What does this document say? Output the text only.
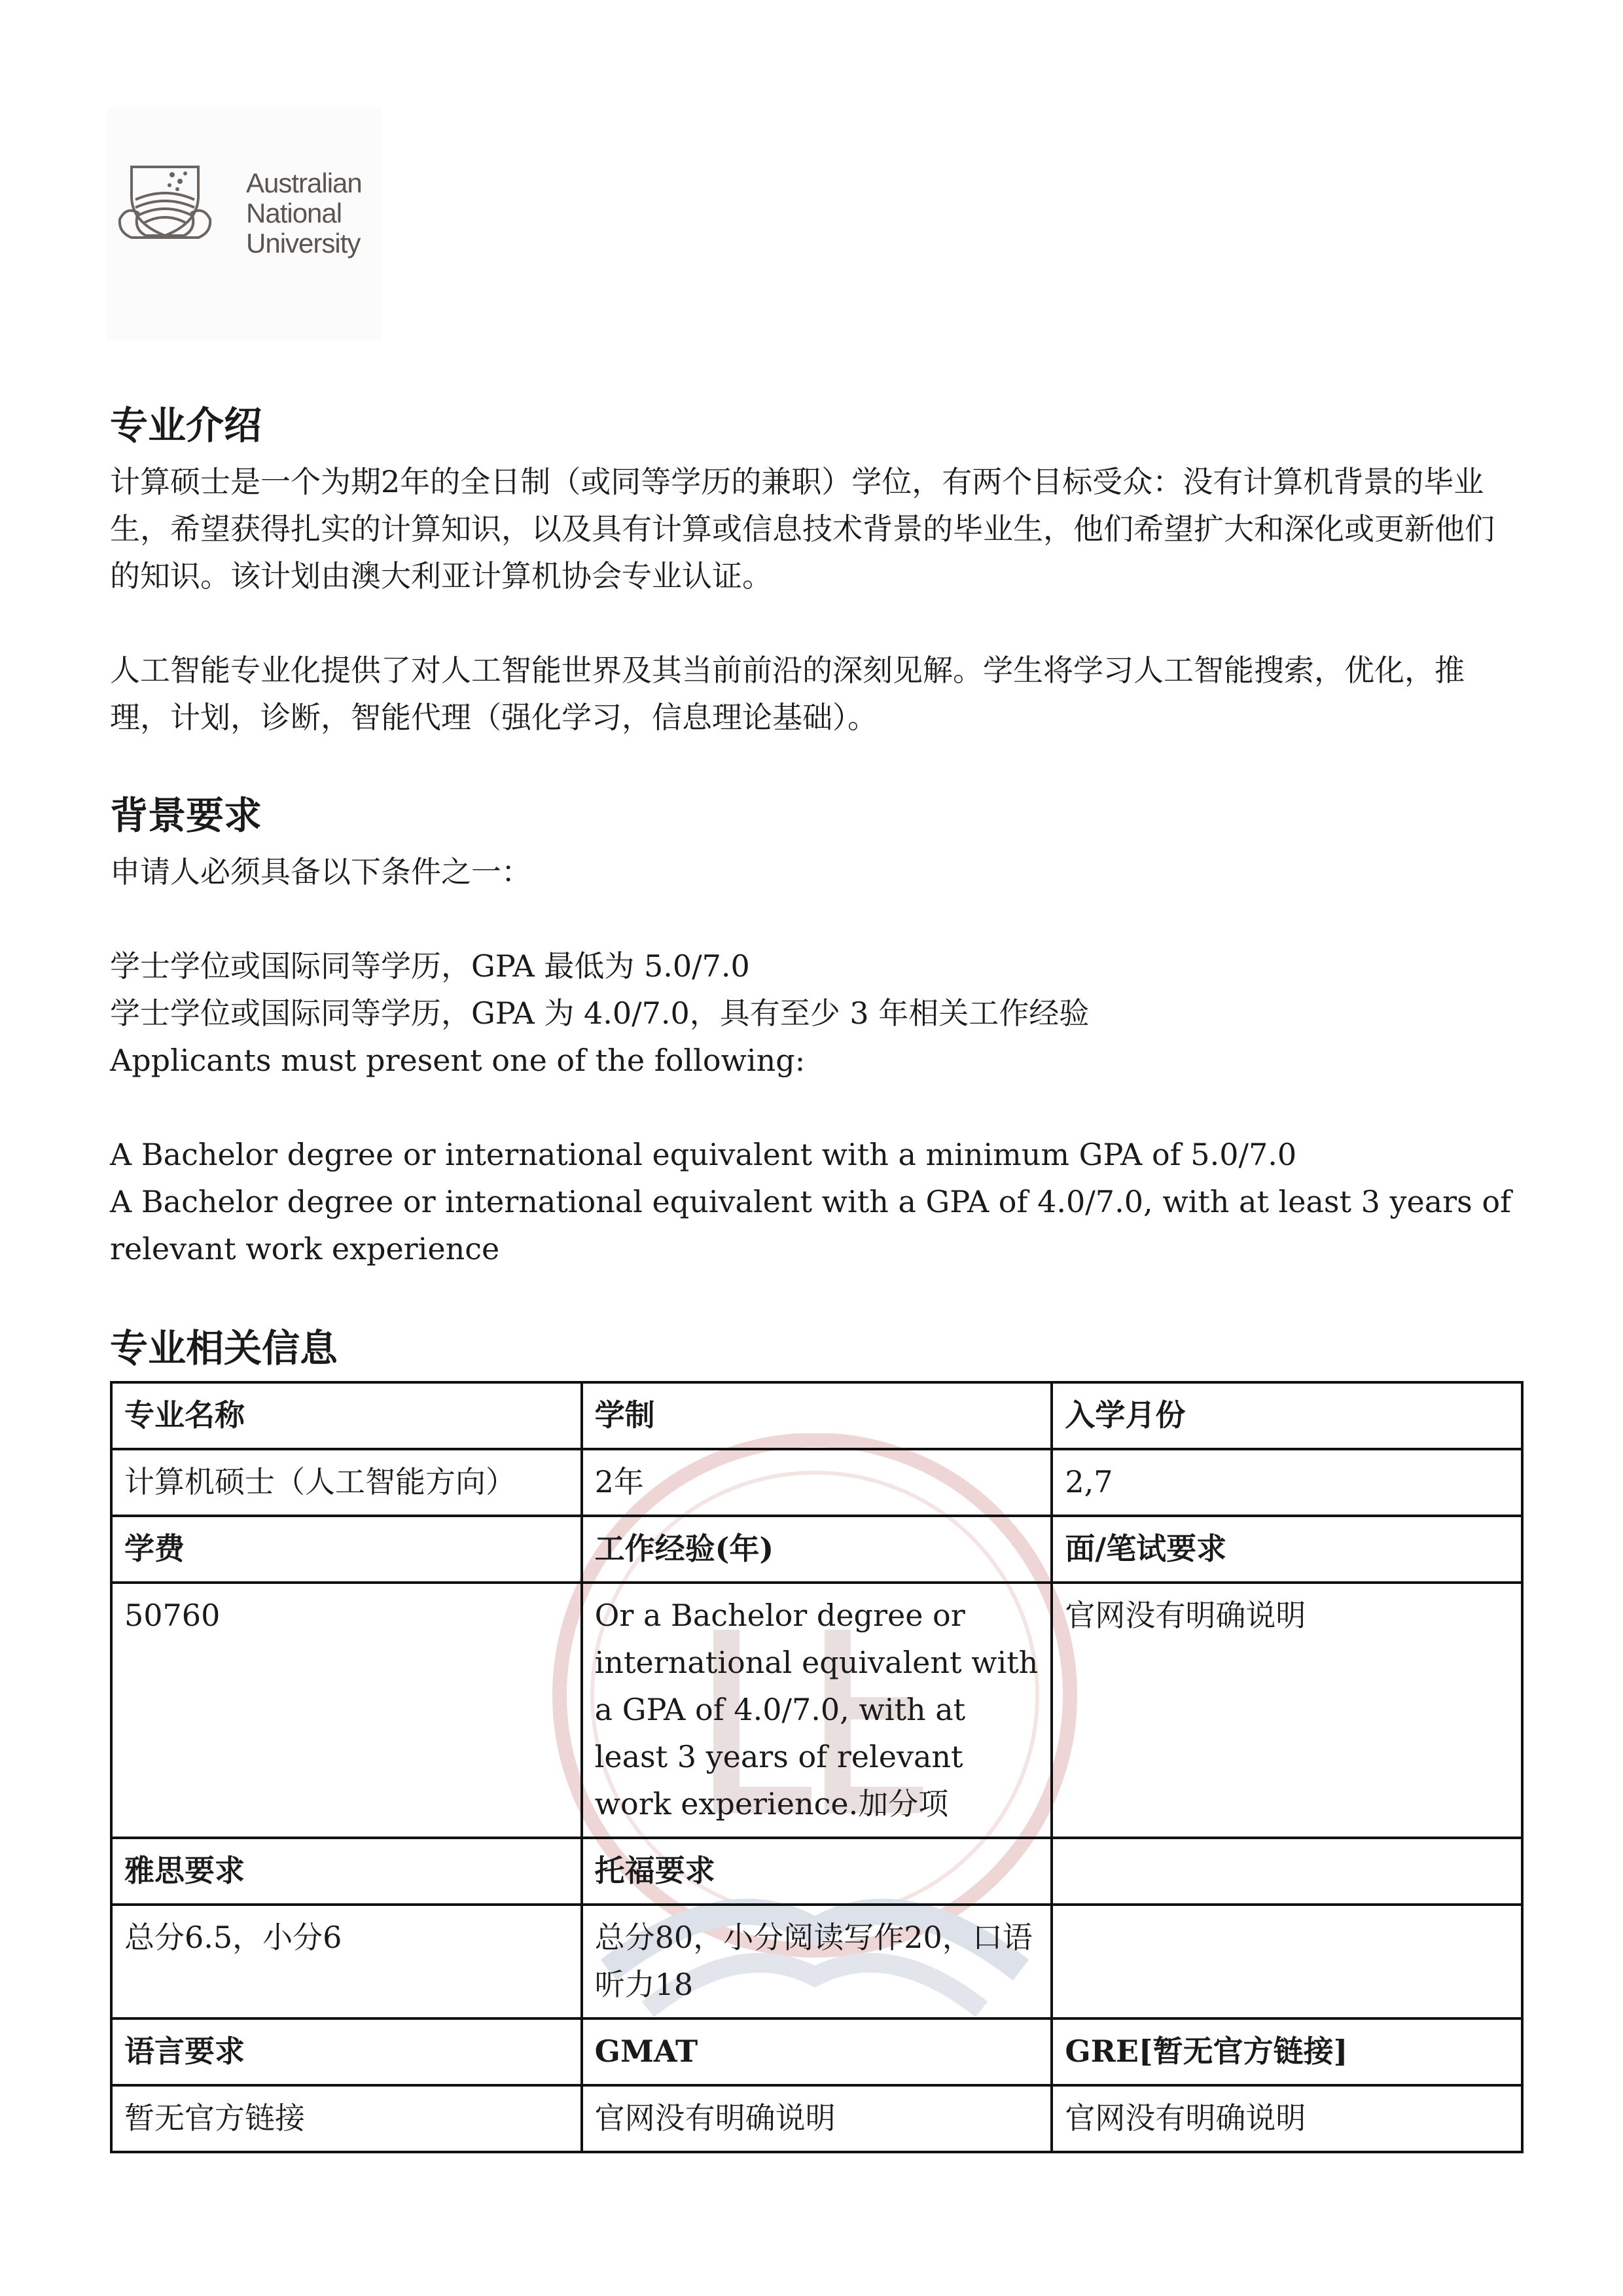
Australian
National
University
专业介绍

计算硕士是一个为期2年的全日制（或同等学历的兼职）学位，有两个目标受众：没有计算机背景的毕业生，希望获得扎实的计算知识，以及具有计算或信息技术背景的毕业生，他们希望扩大和深化或更新他们的知识。该计划由澳大利亚计算机协会专业认证。

人工智能专业化提供了对人工智能世界及其当前前沿的深刻见解。学生将学习人工智能搜索，优化，推理，计划，诊断，智能代理（强化学习，信息理论基础）。

背景要求

申请人必须具备以下条件之一：

学士学位或国际同等学历，GPA 最低为 5.0/7.0

学士学位或国际同等学历，GPA 为 4.0/7.0，具有至少 3 年相关工作经验

Applicants must present one of the following:

A Bachelor degree or international equivalent with a minimum GPA of 5.0/7.0

A Bachelor degree or international equivalent with a GPA of 4.0/7.0, with at least 3 years of relevant work experience

专业相关信息
专业名称	学制	入学月份
计算机硕士（人工智能方向）	2年	2,7
学费	工作经验(年)	面/笔试要求
50760	Or a Bachelor degree or international equivalent with a GPA of 4.0/7.0, with at least 3 years of relevant work experience.加分项	官网没有明确说明
雅思要求	托福要求	
总分6.5，小分6	总分80，小分阅读写作20，口语听力18	
语言要求	GMAT	GRE[暂无官方链接]
暂无官方链接	官网没有明确说明	官网没有明确说明
